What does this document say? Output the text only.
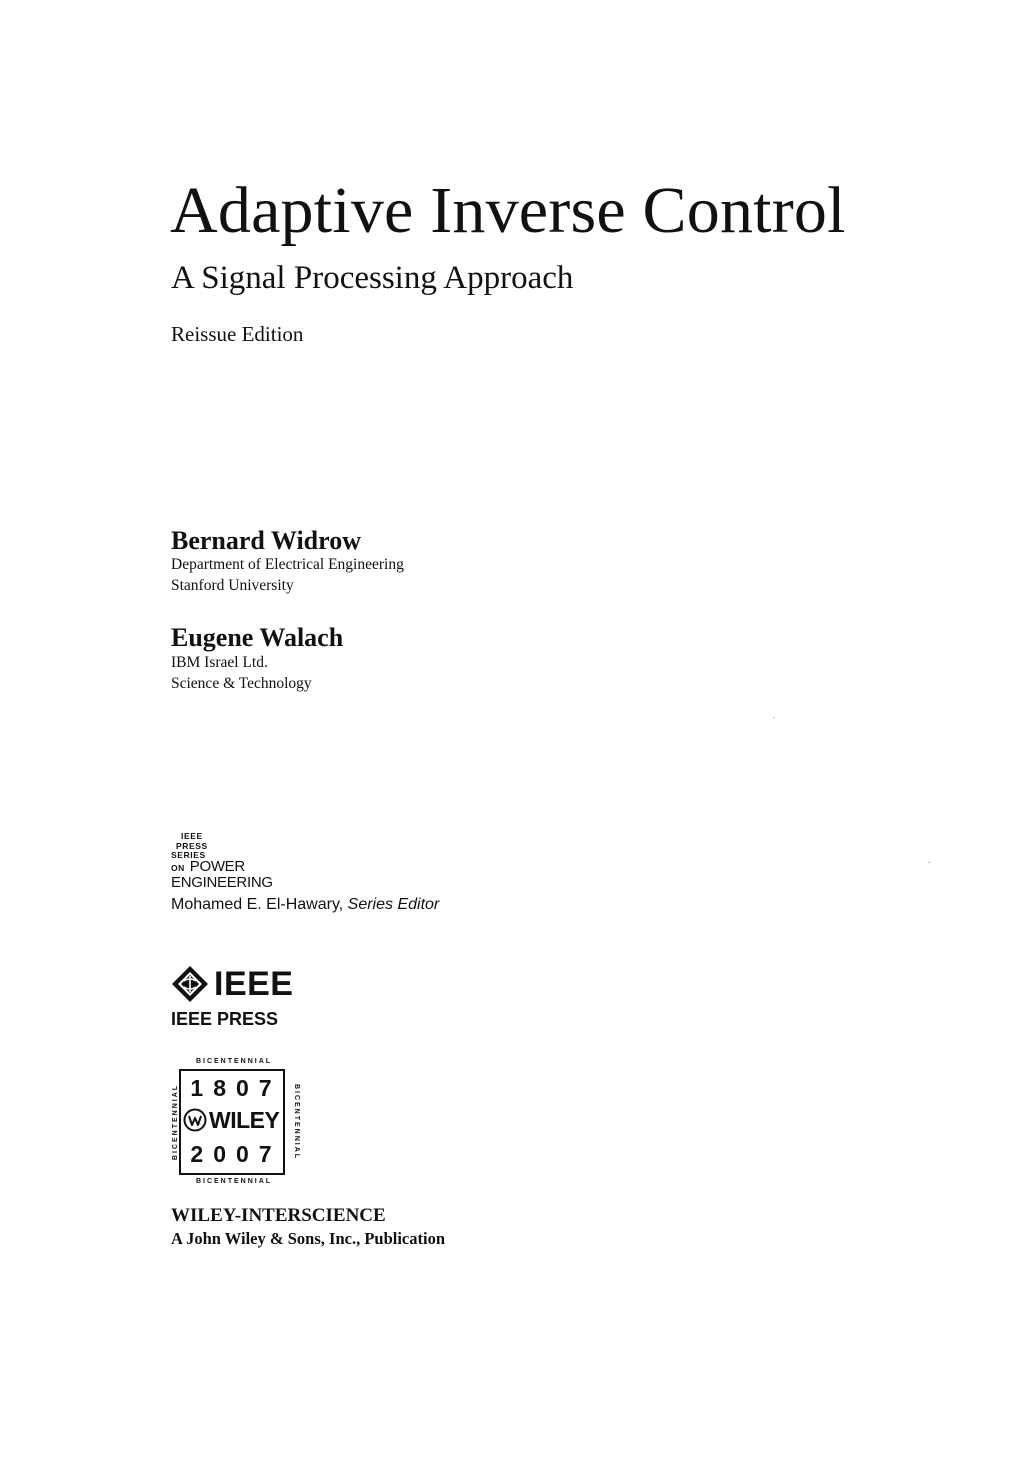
Adaptive Inverse Control
A Signal Processing Approach
Reissue Edition
Bernard Widrow
Department of Electrical Engineering
Stanford University
Eugene Walach
IBM Israel Ltd.
Science & Technology
IEEE
PRESS
SERIES
ON POWER
ENGINEERING
Mohamed E. El-Hawary, Series Editor
IEEE
IEEE PRESS
BICENTENNIAL
BICENTENNIAL
BICENTENNIAL	BICENTENNIAL
1807
WILEY
2007
WILEY-INTERSCIENCE
A John Wiley & Sons, Inc., Publication
